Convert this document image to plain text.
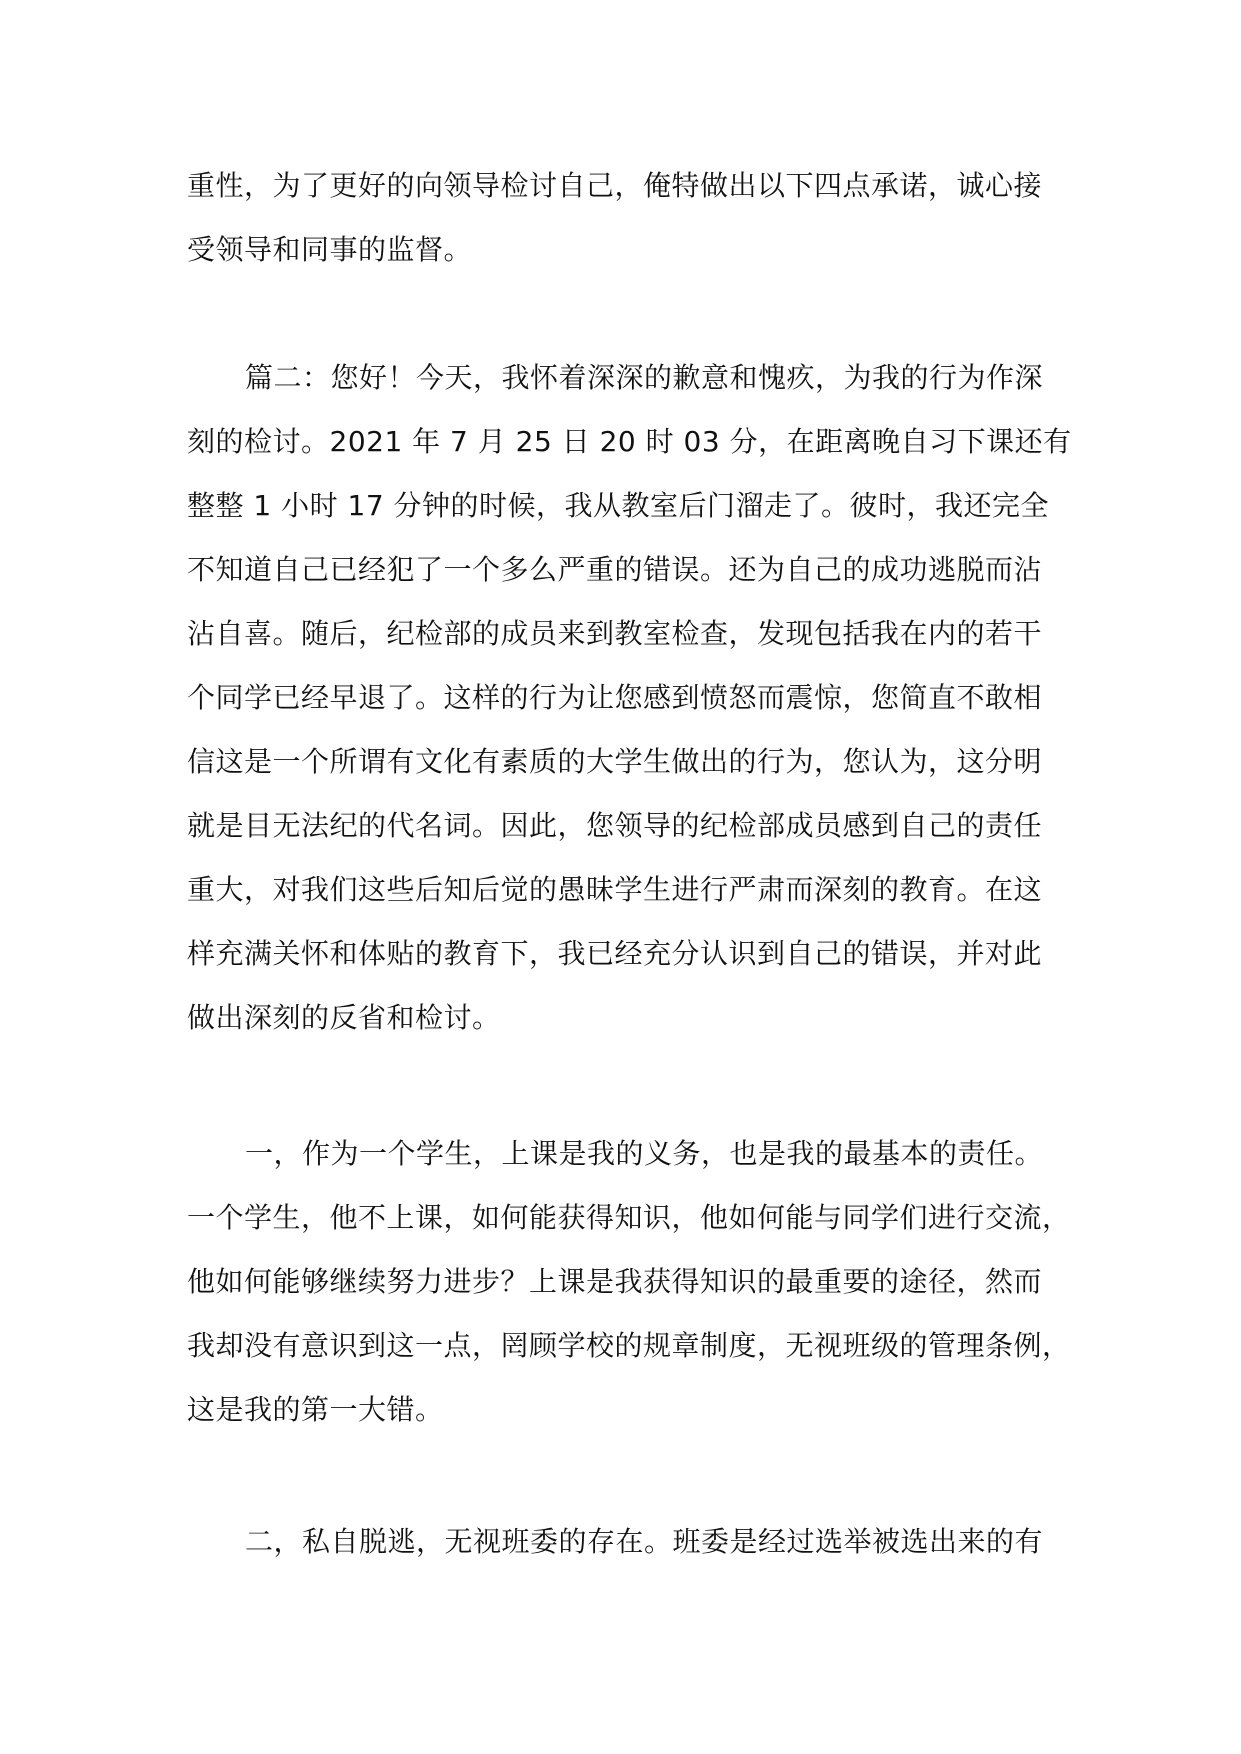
重性，为了更好的向领导检讨自己，俺特做出以下四点承诺，诚心接
受领导和同事的监督。
篇二：您好！今天，我怀着深深的歉意和愧疚，为我的行为作深
刻的检讨。2021 年 7 月 25 日 20 时 03 分，在距离晚自习下课还有
整整 1 小时 17 分钟的时候，我从教室后门溜走了。彼时，我还完全
不知道自己已经犯了一个多么严重的错误。还为自己的成功逃脱而沾
沾自喜。随后，纪检部的成员来到教室检查，发现包括我在内的若干
个同学已经早退了。这样的行为让您感到愤怒而震惊，您简直不敢相
信这是一个所谓有文化有素质的大学生做出的行为，您认为，这分明
就是目无法纪的代名词。因此，您领导的纪检部成员感到自己的责任
重大，对我们这些后知后觉的愚昧学生进行严肃而深刻的教育。在这
样充满关怀和体贴的教育下，我已经充分认识到自己的错误，并对此
做出深刻的反省和检讨。
一，作为一个学生，上课是我的义务，也是我的最基本的责任。
一个学生，他不上课，如何能获得知识，他如何能与同学们进行交流，
他如何能够继续努力进步？上课是我获得知识的最重要的途径，然而
我却没有意识到这一点，罔顾学校的规章制度，无视班级的管理条例，
这是我的第一大错。
二，私自脱逃，无视班委的存在。班委是经过选举被选出来的有
